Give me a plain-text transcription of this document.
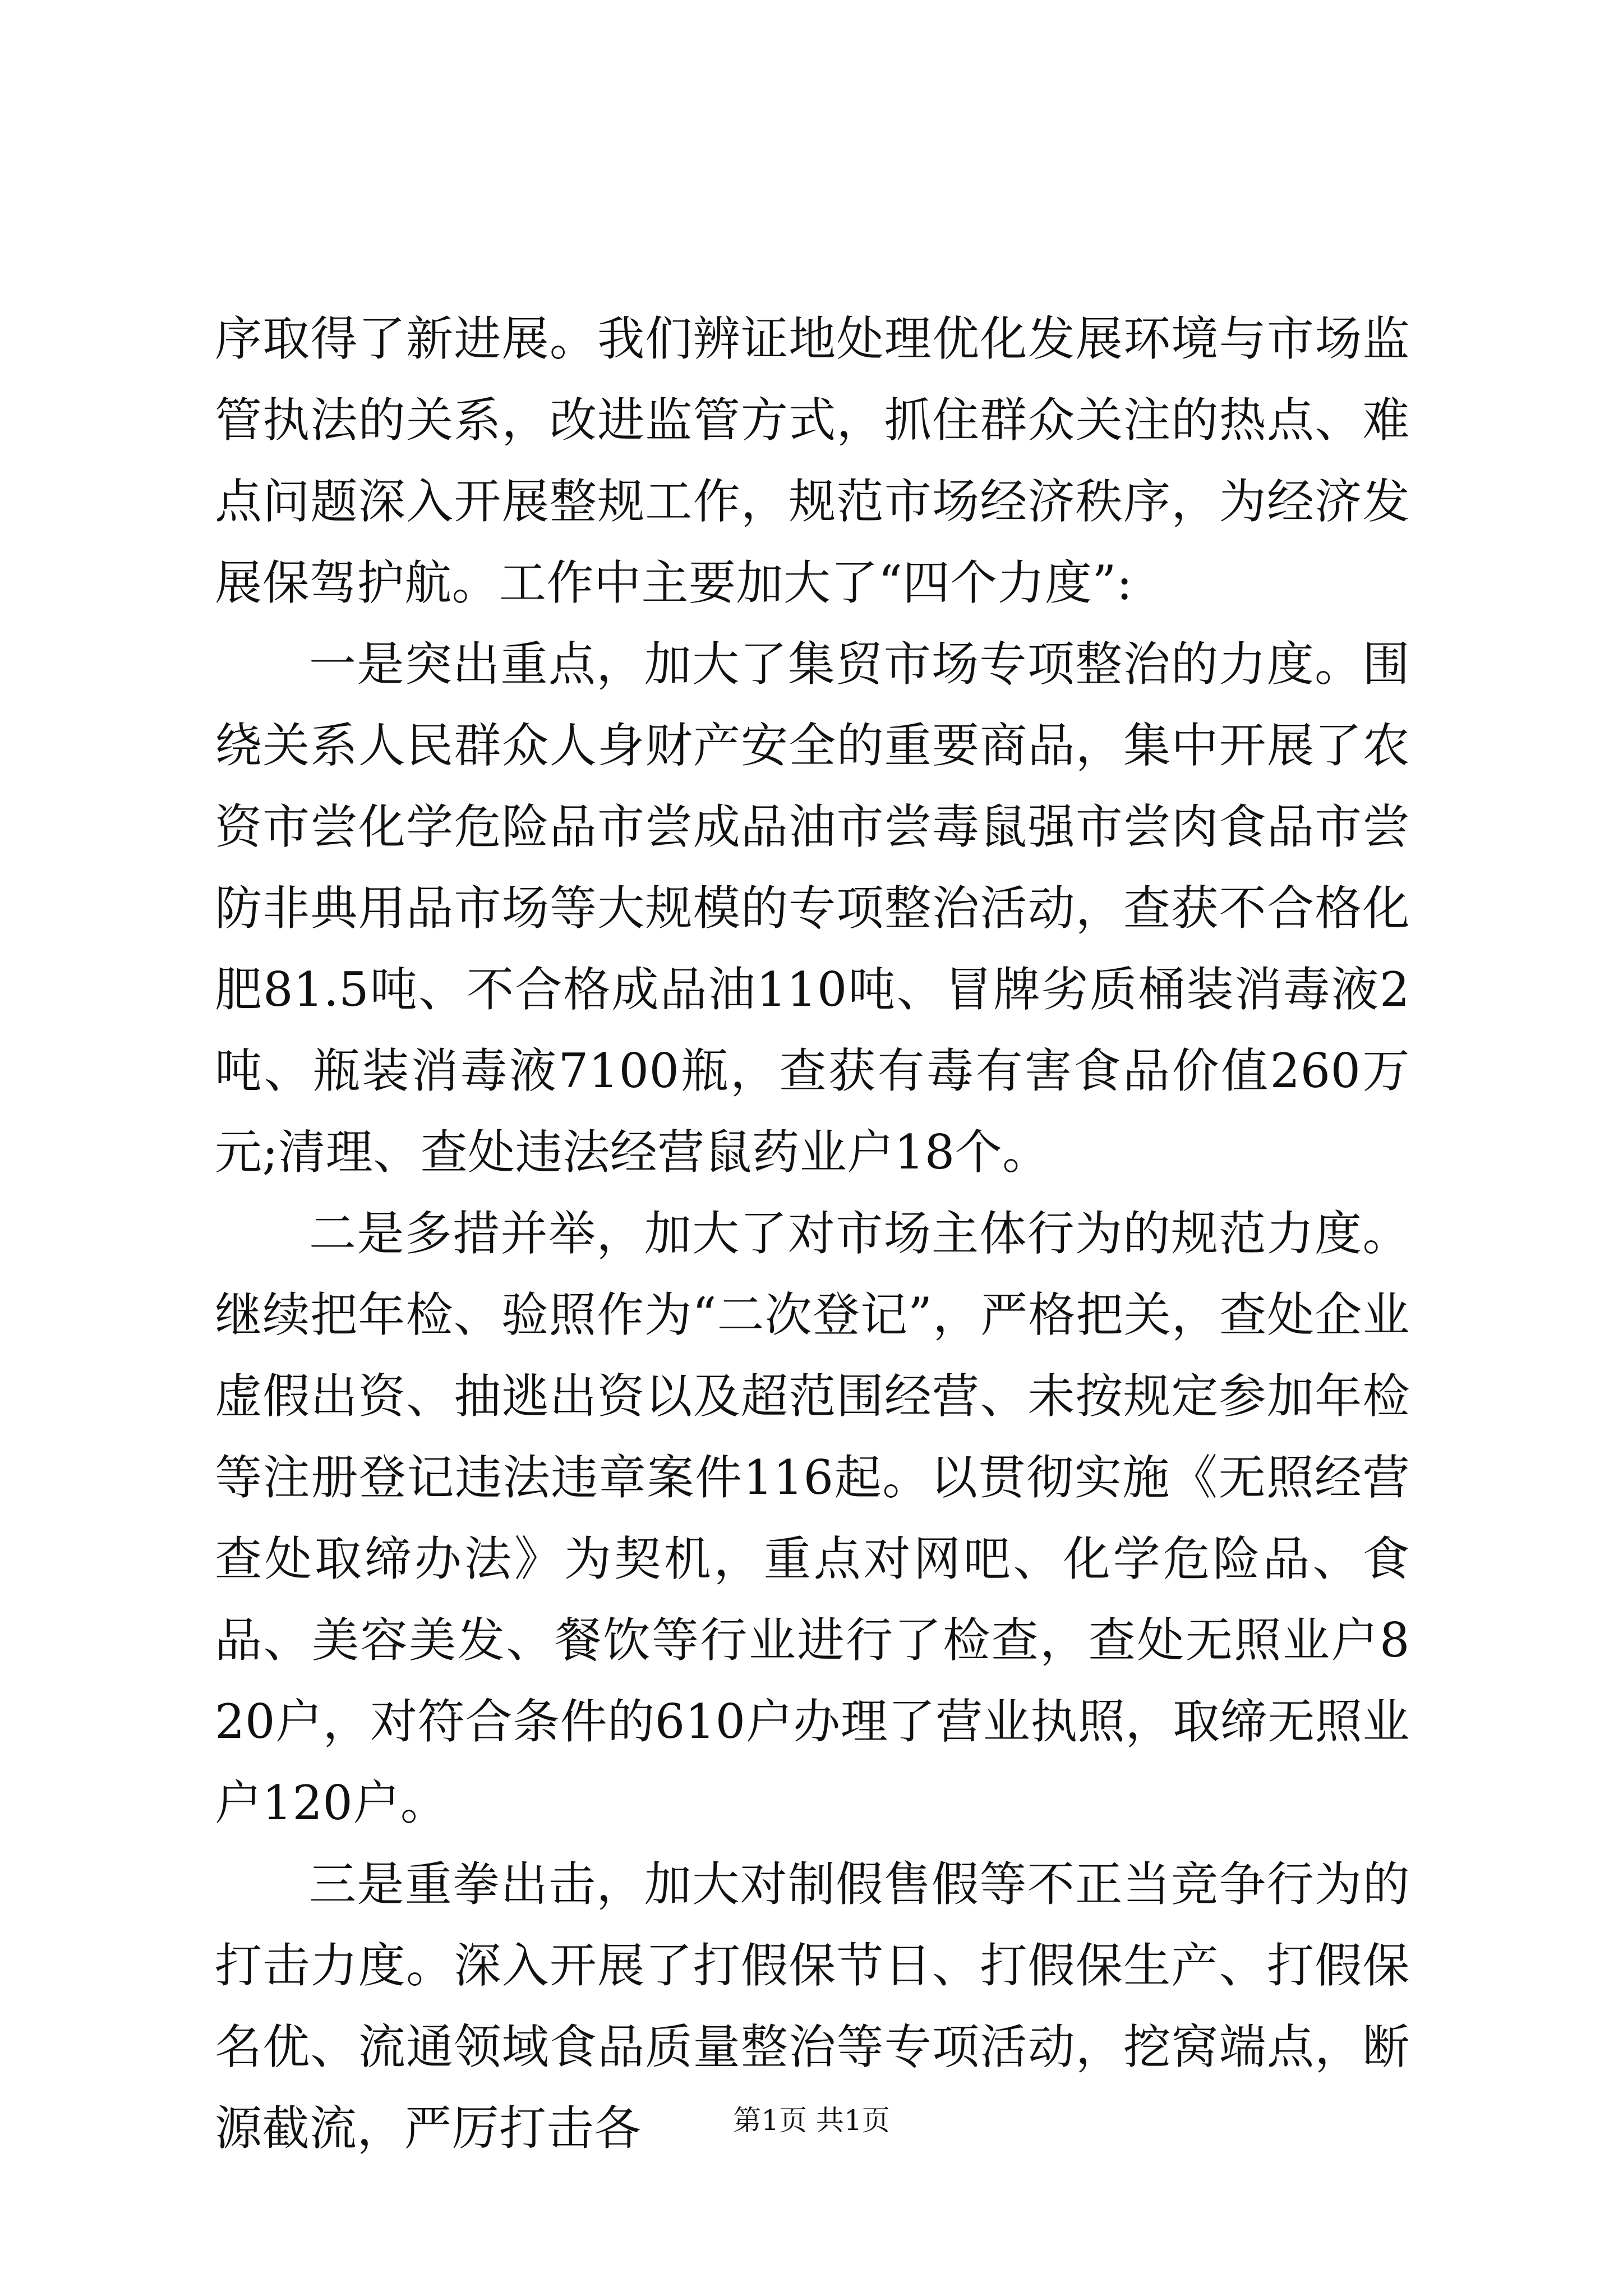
序取得了新进展。我们辨证地处理优化发展环境与市场监管执法的关系，改进监管方式，抓住群众关注的热点、难点问题深入开展整规工作，规范市场经济秩序，为经济发展保驾护航。工作中主要加大了“四个力度”:

一是突出重点，加大了集贸市场专项整治的力度。围绕关系人民群众人身财产安全的重要商品，集中开展了农资市尝化学危险品市尝成品油市尝毒鼠强市尝肉食品市尝防非典用品市场等大规模的专项整治活动，查获不合格化肥81.5吨、不合格成品油110吨、冒牌劣质桶装消毒液2吨、瓶装消毒液7100瓶，查获有毒有害食品价值260万元;清理、查处违法经营鼠药业户18个。

二是多措并举，加大了对市场主体行为的规范力度。继续把年检、验照作为“二次登记”，严格把关，查处企业虚假出资、抽逃出资以及超范围经营、未按规定参加年检等注册登记违法违章案件116起。以贯彻实施《无照经营查处取缔办法》为契机，重点对网吧、化学危险品、食品、美容美发、餐饮等行业进行了检查，查处无照业户820户，对符合条件的610户办理了营业执照，取缔无照业户120户。

三是重拳出击，加大对制假售假等不正当竞争行为的打击力度。深入开展了打假保节日、打假保生产、打假保名优、流通领域食品质量整治等专项活动，挖窝端点，断源截流，严厉打击各	第1页 共1页
